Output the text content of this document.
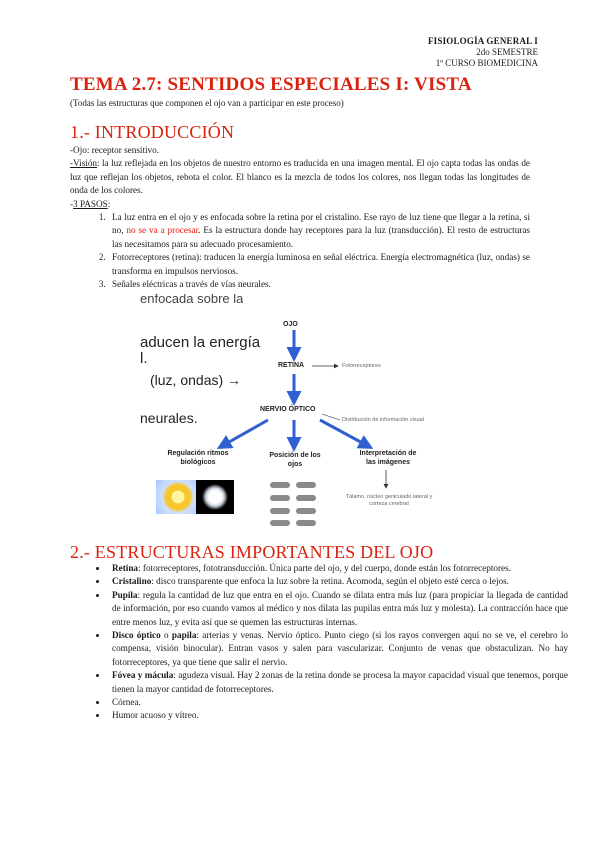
FISIOLOGÍA GENERAL I
2do SEMESTRE
1º CURSO BIOMEDICINA
TEMA 2.7: SENTIDOS ESPECIALES I: VISTA
(Todas las estructuras que componen el ojo van a participar en este proceso)
1.- INTRODUCCIÓN

-Ojo: receptor sensitivo.

-Visión: la luz reflejada en los objetos de nuestro entorno es traducida en una imagen mental. El ojo capta todas las ondas de luz que reflejan los objetos, rebota el color. El blanco es la mezcla de todos los colores, nos llegan todas las longitudes de onda de los colores.

-3 PASOS:

1. La luz entra en el ojo y es enfocada sobre la retina por el cristalino. Ese rayo de luz tiene que llegar a la retina, si no, no se va a procesar. Es la estructura donde hay receptores para la luz (transducción). El resto de estructuras las necesitamos para su adecuado procesamiento.
2. Fotorreceptores (retina): traducen la energía luminosa en señal eléctrica. Energía electromagnética (luz, ondas) se transforma en impulsos nerviosos.
3. Señales eléctricas a través de vías neurales.
enfocada sobre la
aducen la energía
l.
(luz, ondas) →
neurales.
OJO
RETINA	Fotorreceptores
NERVIO ÓPTICO
Distribución de información visual
Regulación ritmos
biológicos
Posición de los
ojos
Interpretación de
las imágenes
Tálamo, núcleo geniculado lateral y
corteza cerebral
2.- ESTRUCTURAS IMPORTANTES DEL OJO
• Retina: fotorreceptores, fototransducción. Única parte del ojo, y del cuerpo, donde están los fotorreceptores.
• Cristalino: disco transparente que enfoca la luz sobre la retina. Acomoda, según el objeto esté cerca o lejos.
• Pupila: regula la cantidad de luz que entra en el ojo. Cuando se dilata entra más luz (para propiciar la llegada de cantidad de información, por eso cuando vamos al médico y nos dilata las pupilas entra más luz y molesta). La contracción hace que entre menos luz, y evita así que se quemen las estructuras internas.
• Disco óptico o papila: arterias y venas. Nervio óptico. Punto ciego (si los rayos convergen aquí no se ve, el cerebro lo compensa, visión binocular). Entran vasos y salen para vascularizar. Conjunto de venas que obstaculizan. No hay fotorreceptores, ya que tiene que salir el nervio.
• Fóvea y mácula: agudeza visual. Hay 2 zonas de la retina donde se procesa la mayor capacidad visual que tenemos, porque tienen la mayor cantidad de fotorreceptores.
• Córnea.
• Humor acuoso y vítreo.
